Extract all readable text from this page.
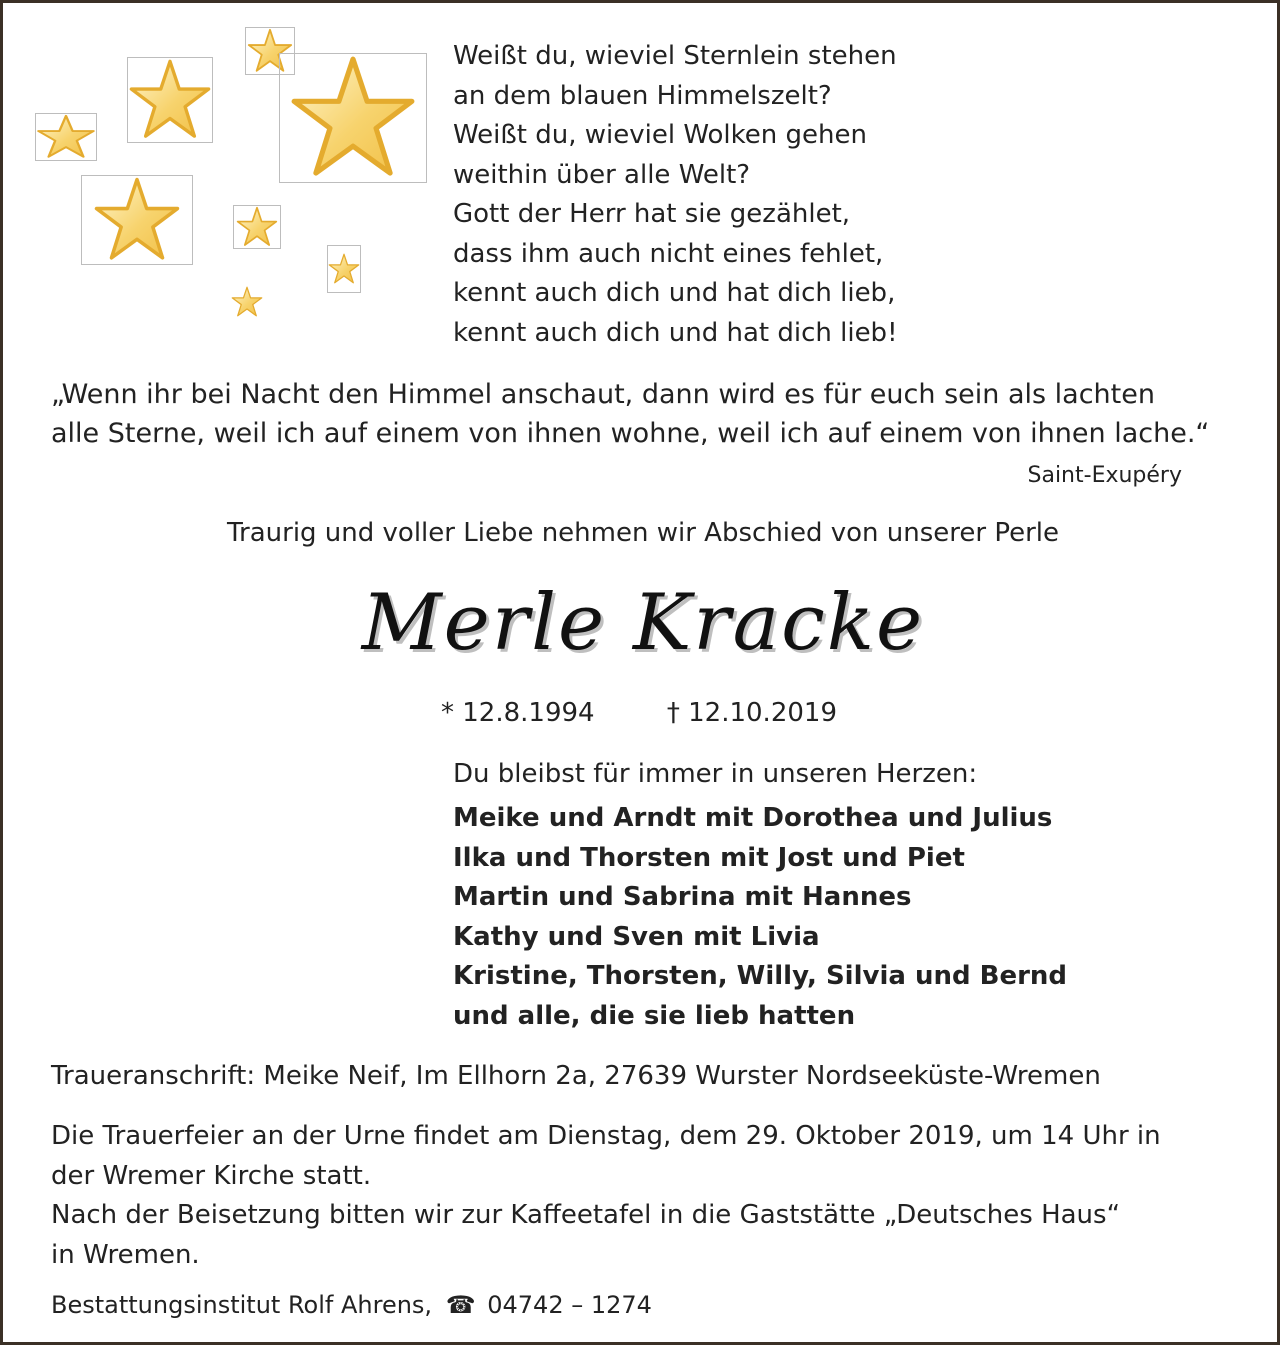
Weißt du, wieviel Sternlein stehen
an dem blauen Himmelszelt?
Weißt du, wieviel Wolken gehen
weithin über alle Welt?
Gott der Herr hat sie gezählet,
dass ihm auch nicht eines fehlet,
kennt auch dich und hat dich lieb,
kennt auch dich und hat dich lieb!
„Wenn ihr bei Nacht den Himmel anschaut, dann wird es für euch sein als lachten
alle Sterne, weil ich auf einem von ihnen wohne, weil ich auf einem von ihnen lache.“
Saint-Exupéry
Traurig und voller Liebe nehmen wir Abschied von unserer Perle
Merle Kracke
* 12.8.1994	† 12.10.2019
Du bleibst für immer in unseren Herzen:
Meike und Arndt mit Dorothea und Julius
Ilka und Thorsten mit Jost und Piet
Martin und Sabrina mit Hannes
Kathy und Sven mit Livia
Kristine, Thorsten, Willy, Silvia und Bernd
und alle, die sie lieb hatten
Traueranschrift: Meike Neif, Im Ellhorn 2a, 27639 Wurster Nordseeküste-Wremen
Die Trauerfeier an der Urne findet am Dienstag, dem 29. Oktober 2019, um 14 Uhr in
der Wremer Kirche statt.
Nach der Beisetzung bitten wir zur Kaffeetafel in die Gaststätte „Deutsches Haus“
in Wremen.
Bestattungsinstitut Rolf Ahrens, ☎ 04742 – 1274
